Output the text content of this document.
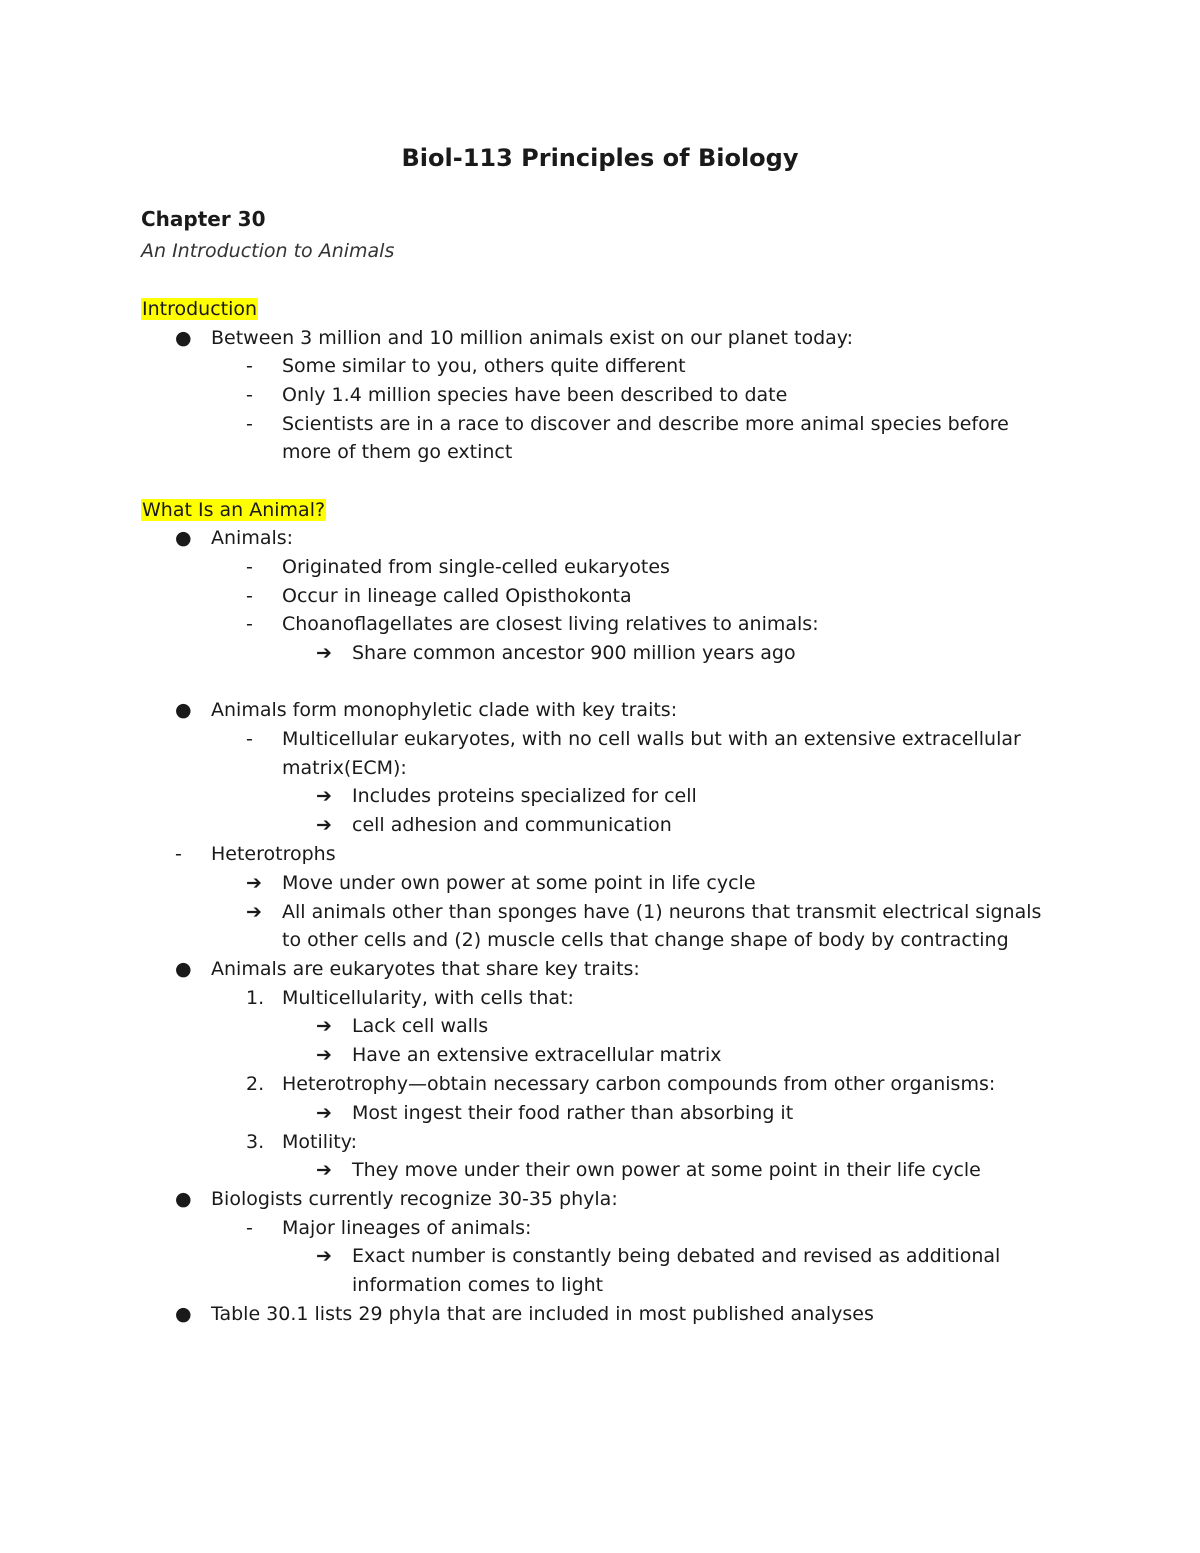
Biol-113 Principles of Biology
Chapter 30
An Introduction to Animals
Introduction
● Between 3 million and 10 million animals exist on our planet today:
- Some similar to you, others quite different
- Only 1.4 million species have been described to date
- Scientists are in a race to discover and describe more animal species before
more of them go extinct
What Is an Animal?
● Animals:
- Originated from single-celled eukaryotes
- Occur in lineage called Opisthokonta
- Choanoflagellates are closest living relatives to animals:
➔ Share common ancestor 900 million years ago
● Animals form monophyletic clade with key traits:
- Multicellular eukaryotes, with no cell walls but with an extensive extracellular
matrix(ECM):
➔ Includes proteins specialized for cell
➔ cell adhesion and communication
- Heterotrophs
➔ Move under own power at some point in life cycle
➔ All animals other than sponges have (1) neurons that transmit electrical signals
to other cells and (2) muscle cells that change shape of body by contracting
● Animals are eukaryotes that share key traits:
1. Multicellularity, with cells that:
➔ Lack cell walls
➔ Have an extensive extracellular matrix
2. Heterotrophy—obtain necessary carbon compounds from other organisms:
➔ Most ingest their food rather than absorbing it
3. Motility:
➔ They move under their own power at some point in their life cycle
● Biologists currently recognize 30-35 phyla:
- Major lineages of animals:
➔ Exact number is constantly being debated and revised as additional
information comes to light
● Table 30.1 lists 29 phyla that are included in most published analyses
